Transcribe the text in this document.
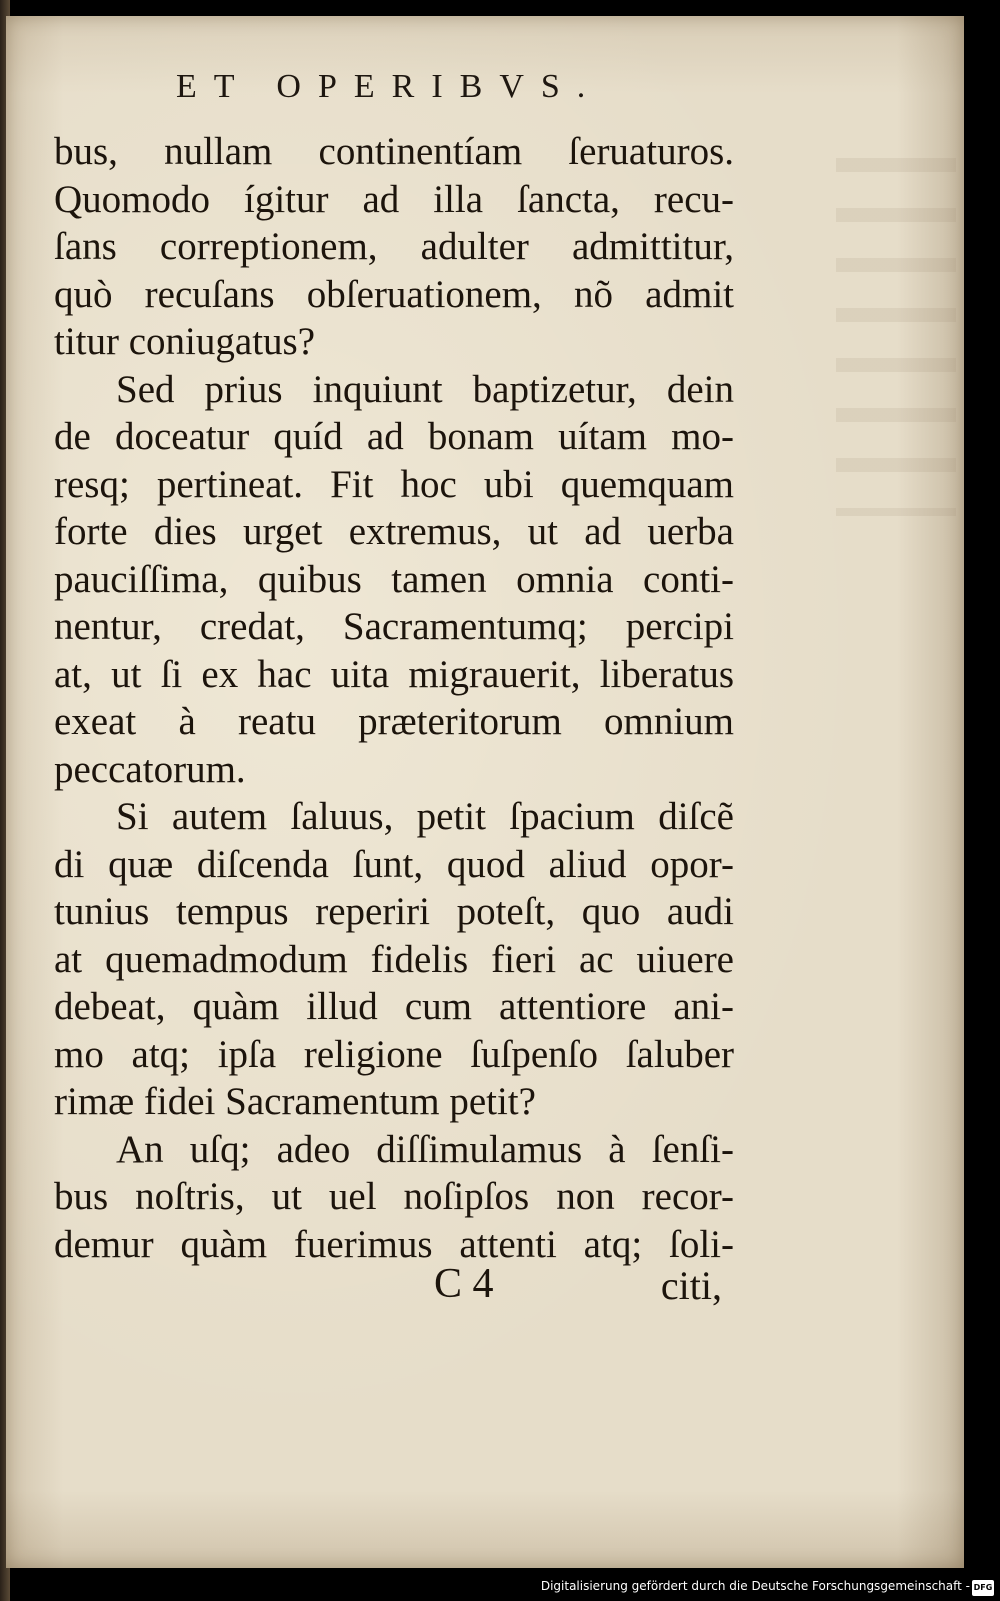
ET OPERIBVS.
bus, nullam continentíam ſeruaturos.
Quomodo ígitur ad illa ſancta, recu-
ſans correptionem, adulter admittitur,
quò recuſans obſeruationem, nõ admit
titur coniugatus?
Sed prius inquiunt baptizetur, dein
de doceatur quíd ad bonam uítam mo-
resq; pertineat. Fit hoc ubi quemquam
forte dies urget extremus, ut ad uerba
pauciſſima, quibus tamen omnia conti-
nentur, credat, Sacramentumq; percipi
at, ut ſi ex hac uita migrauerit, liberatus
exeat à reatu præteritorum omnium
peccatorum.
Si autem ſaluus, petit ſpacium diſcẽ
di quæ diſcenda ſunt, quod aliud opor-
tunius tempus reperiri poteſt, quo audi
at quemadmodum fidelis fieri ac uiuere
debeat, quàm illud cum attentiore ani-
mo atq; ipſa religione ſuſpenſo ſaluber
rimæ fidei Sacramentum petit?
An uſq; adeo diſſimulamus à ſenſi-
bus noſtris, ut uel noſipſos non recor-
demur quàm fuerimus attenti atq; ſoli-
C 4	citi,
Digitalisierung gefördert durch die Deutsche Forschungsgemeinschaft - DFG
